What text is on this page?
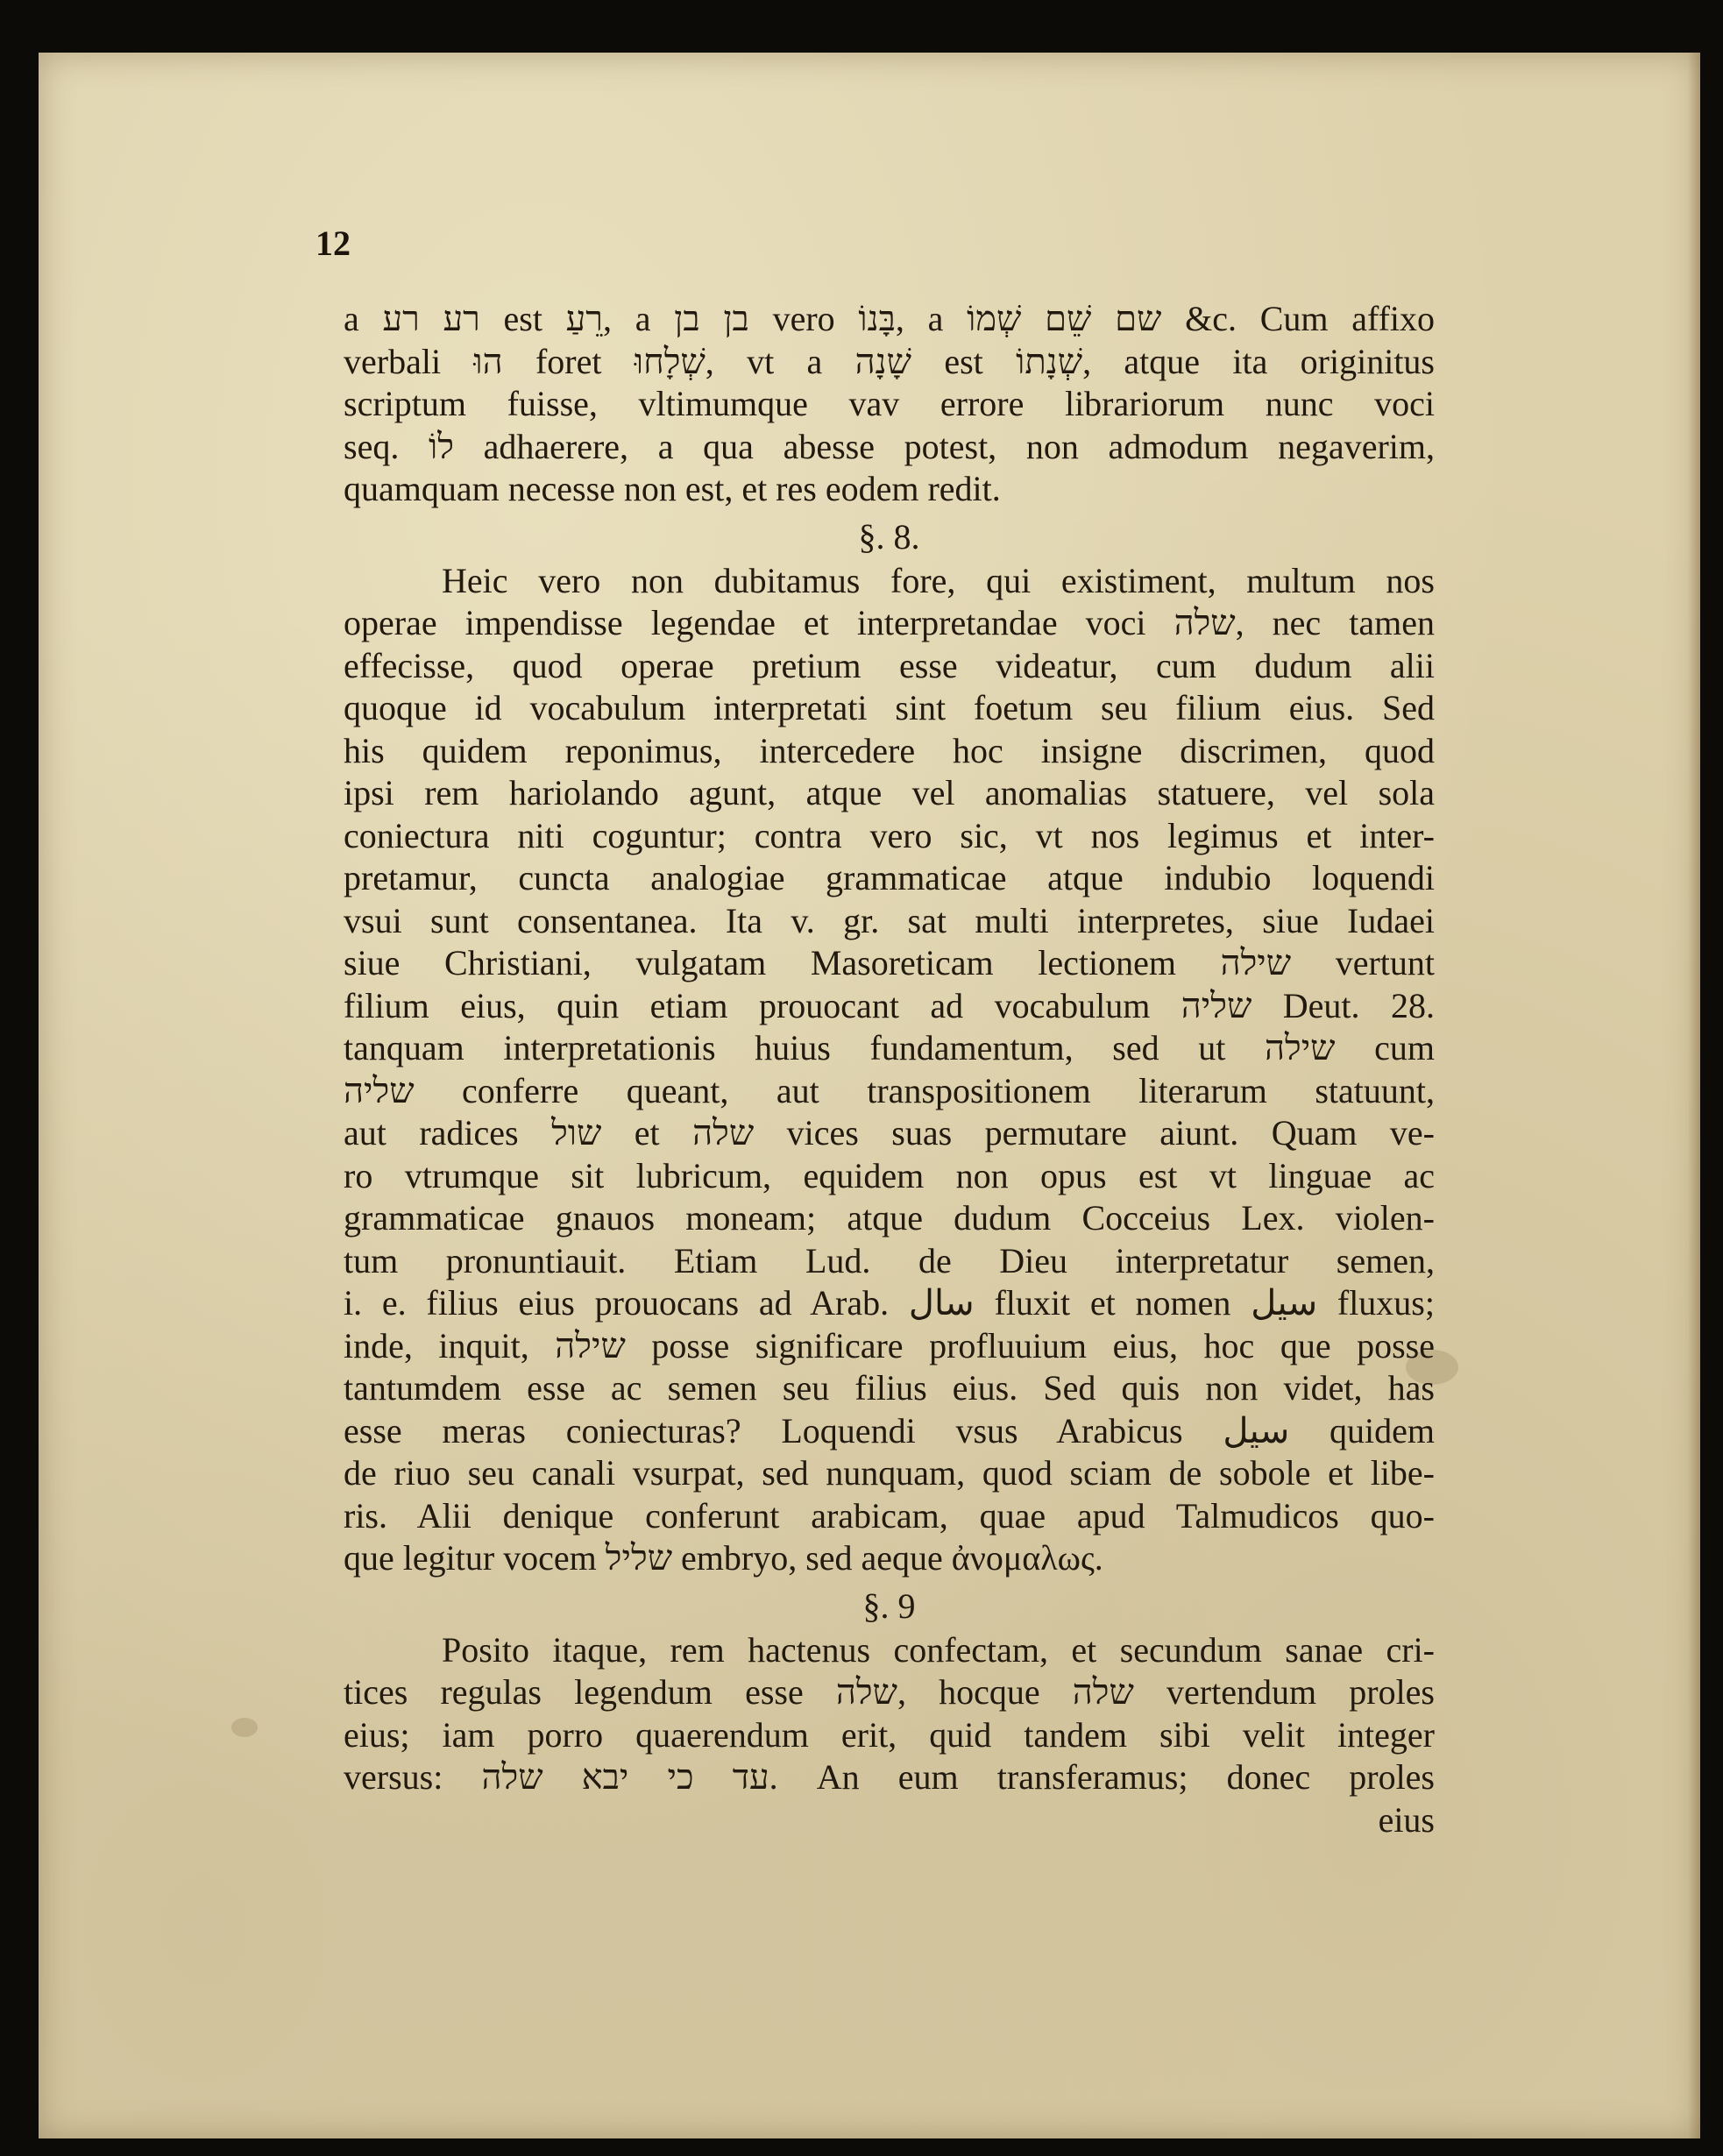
12
a רע רע est רֵעַ, a בן בן vero בָּנוֹ, a שם שֵׁם שְׁמוֹ &c. Cum affixo
verbali הוּ foret שְׁלָחוּ, vt a שָׁנָה est שְׁנָתוֹ, atque ita originitus
scriptum fuisse, vltimumque vav errore librariorum nunc voci
seq. לוֹ adhaerere, a qua abesse potest, non admodum negaverim,
quamquam necesse non est, et res eodem redit.
§. 8.
Heic vero non dubitamus fore, qui existiment, multum nos
operae impendisse legendae et interpretandae voci שלה, nec tamen
effecisse, quod operae pretium esse videatur, cum dudum alii
quoque id vocabulum interpretati sint foetum seu filium eius. Sed
his quidem reponimus, intercedere hoc insigne discrimen, quod
ipsi rem hariolando agunt, atque vel anomalias statuere, vel sola
coniectura niti coguntur; contra vero sic, vt nos legimus et inter-
pretamur, cuncta analogiae grammaticae atque indubio loquendi
vsui sunt consentanea. Ita v. gr. sat multi interpretes, siue Iudaei
siue Christiani, vulgatam Masoreticam lectionem שילה vertunt
filium eius, quin etiam prouocant ad vocabulum שליה Deut. 28.
tanquam interpretationis huius fundamentum, sed ut שילה cum
שליה conferre queant, aut transpositionem literarum statuunt,
aut radices שול et שלה vices suas permutare aiunt. Quam ve-
ro vtrumque sit lubricum, equidem non opus est vt linguae ac
grammaticae gnauos moneam; atque dudum Cocceius Lex. violen-
tum pronuntiauit. Etiam Lud. de Dieu interpretatur semen,
i. e. filius eius prouocans ad Arab. سال fluxit et nomen سيل fluxus;
inde, inquit, שילה posse significare profluuium eius, hoc que posse
tantumdem esse ac semen seu filius eius. Sed quis non videt, has
esse meras coniecturas? Loquendi vsus Arabicus سيل quidem
de riuo seu canali vsurpat, sed nunquam, quod sciam de sobole et libe-
ris. Alii denique conferunt arabicam, quae apud Talmudicos quo-
que legitur vocem שליל embryo, sed aeque ἀνομαλως.
§. 9
Posito itaque, rem hactenus confectam, et secundum sanae cri-
tices regulas legendum esse שלה, hocque שלה vertendum proles
eius; iam porro quaerendum erit, quid tandem sibi velit integer
versus: עד כי יבא שלה. An eum transferamus; donec proles
eius
